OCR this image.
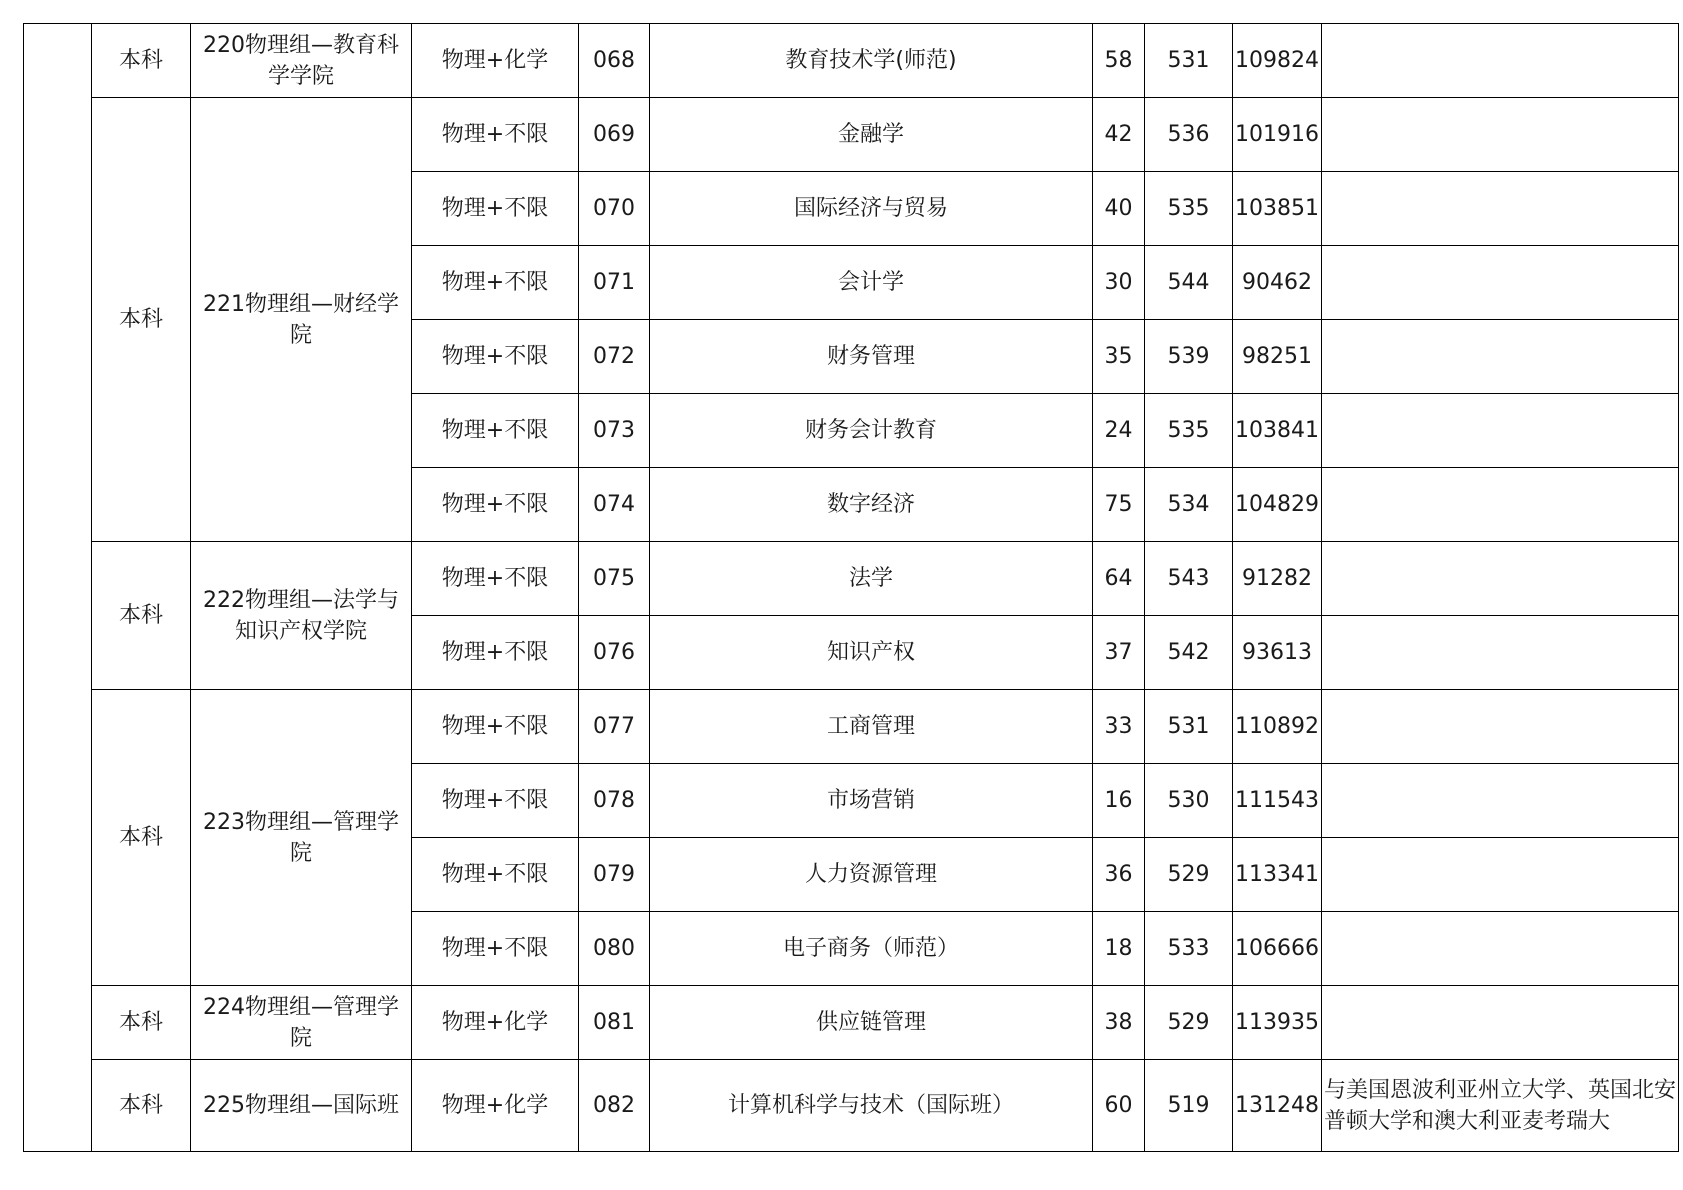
	本科	220物理组—教育科学学院	物理+化学	068	教育技术学(师范)	58	531	109824	
	本科	221物理组—财经学院	物理+不限	069	金融学	42	536	101916	
			物理+不限	070	国际经济与贸易	40	535	103851	
			物理+不限	071	会计学	30	544	90462	
			物理+不限	072	财务管理	35	539	98251	
			物理+不限	073	财务会计教育	24	535	103841	
			物理+不限	074	数字经济	75	534	104829	
	本科	222物理组—法学与知识产权学院	物理+不限	075	法学	64	543	91282	
			物理+不限	076	知识产权	37	542	93613	
	本科	223物理组—管理学院	物理+不限	077	工商管理	33	531	110892	
			物理+不限	078	市场营销	16	530	111543	
			物理+不限	079	人力资源管理	36	529	113341	
			物理+不限	080	电子商务（师范）	18	533	106666	
	本科	224物理组—管理学院	物理+化学	081	供应链管理	38	529	113935	
	本科	225物理组—国际班	物理+化学	082	计算机科学与技术（国际班）	60	519	131248	与美国恩波利亚州立大学、英国北安普顿大学和澳大利亚麦考瑞大
